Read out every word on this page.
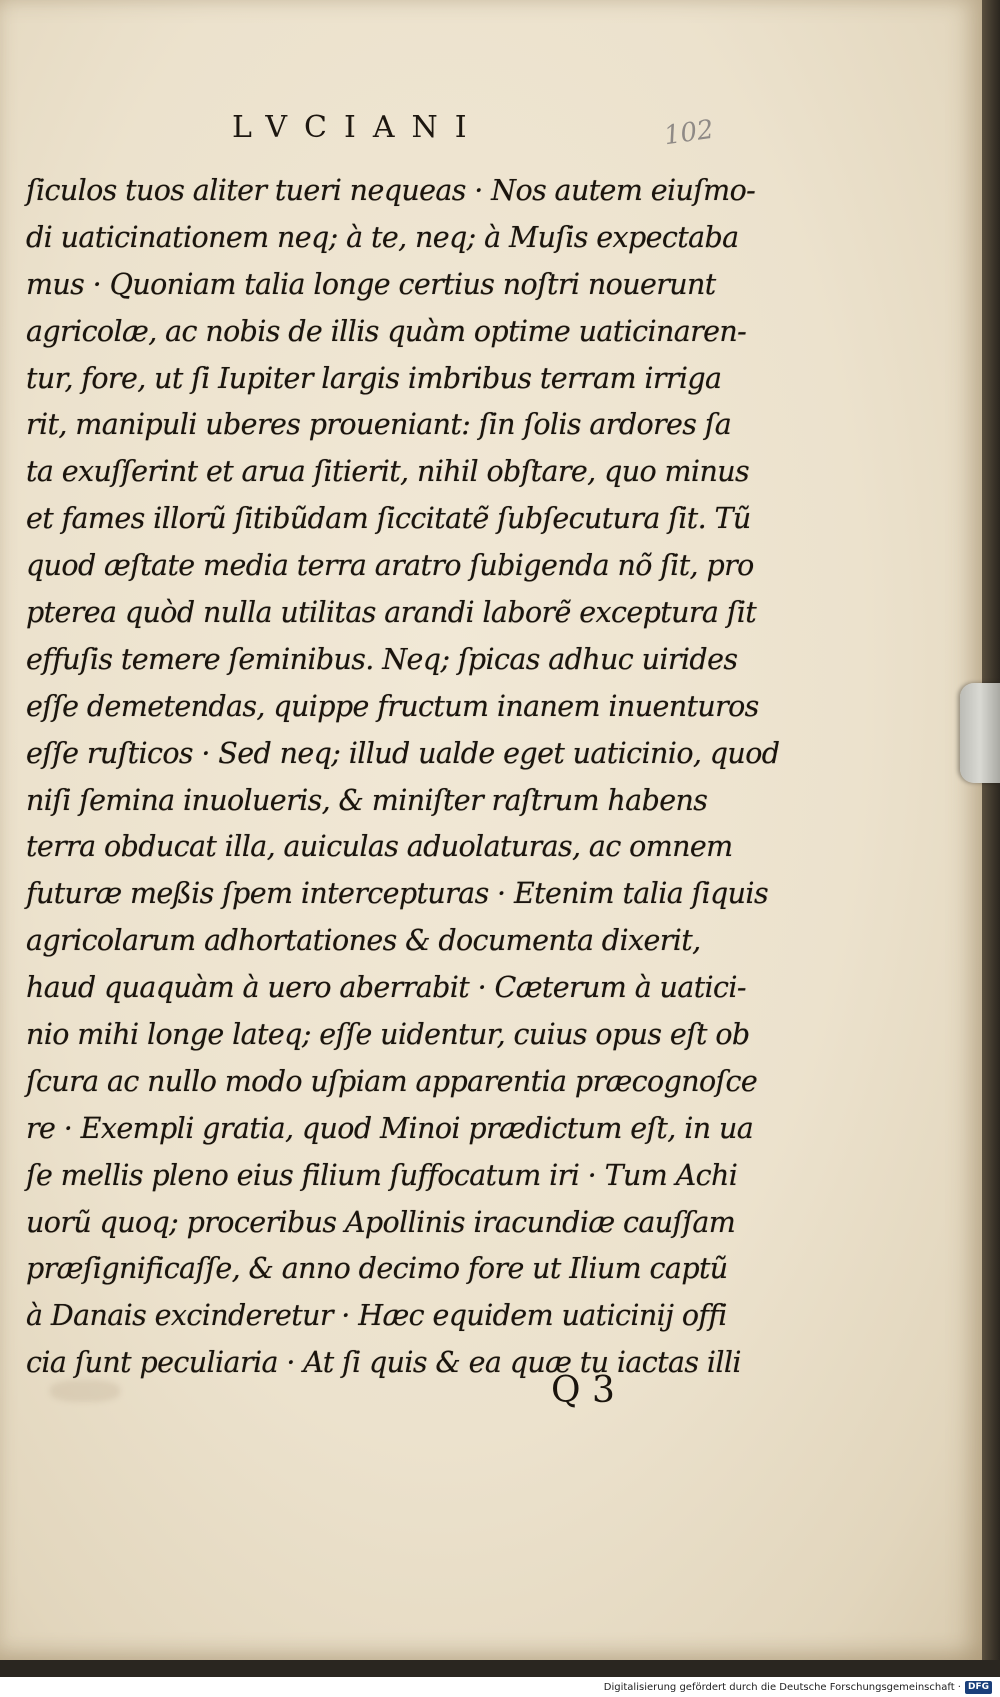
LVCIANI	102
ſiculos tuos aliter tueri nequeas · Nos autem eiuſmo-
di uaticinationem neq; à te, neq; à Muſis expectaba
mus · Quoniam talia longe certius noſtri nouerunt
agricolæ, ac nobis de illis quàm optime uaticinaren-
tur, fore, ut ſi Iupiter largis imbribus terram irriga
rit, manipuli uberes proueniant: ſin ſolis ardores ſa
ta exuſſerint et arua ſitierit, nihil obſtare, quo minus
et fames illorũ ſitibũdam ſiccitatẽ ſubſecutura ſit. Tũ
quod æſtate media terra aratro ſubigenda nõ ſit, pro
pterea quòd nulla utilitas arandi laborẽ exceptura ſit
effuſis temere ſeminibus. Neq; ſpicas adhuc uirides
eſſe demetendas, quippe fructum inanem inuenturos
eſſe ruſticos · Sed neq; illud ualde eget uaticinio, quod
niſi ſemina inuolueris, & miniſter raſtrum habens
terra obducat illa, auiculas aduolaturas, ac omnem
futuræ meßis ſpem intercepturas · Etenim talia ſiquis
agricolarum adhortationes & documenta dixerit,
haud quaquàm à uero aberrabit · Cæterum à uatici-
nio mihi longe lateq; eſſe uidentur, cuius opus eſt ob
ſcura ac nullo modo uſpiam apparentia præcognoſce
re · Exempli gratia, quod Minoi prædictum eſt, in ua
ſe mellis pleno eius filium ſuffocatum iri · Tum Achi
uorũ quoq; proceribus Apollinis iracundiæ cauſſam
præſignificaſſe, & anno decimo fore ut Ilium captũ
à Danais excinderetur · Hæc equidem uaticinij offi
cia ſunt peculiaria · At ſi quis & ea quæ tu iactas illi
Q 3
Digitalisierung gefördert durch die Deutsche Forschungsgemeinschaft · DFG
